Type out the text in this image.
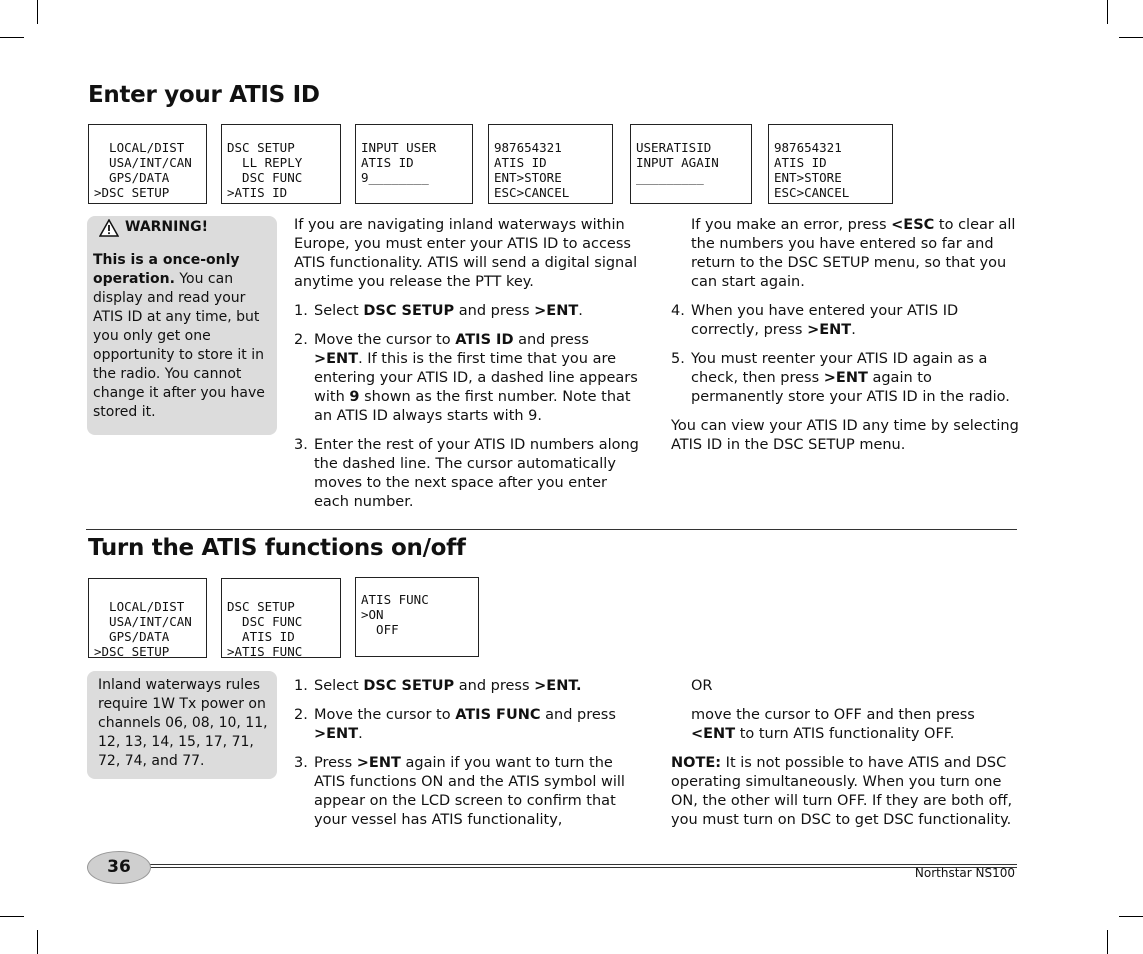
Enter your ATIS ID
LOCAL/DIST
USA/INT/CAN
GPS/DATA
>DSC SETUP
DSC SETUP
LL REPLY
DSC FUNC
>ATIS ID
INPUT USER
ATIS ID
9________
987654321
ATIS ID
ENT>STORE
ESC>CANCEL
USERATISID
INPUT AGAIN
_________
987654321
ATIS ID
ENT>STORE
ESC>CANCEL
WARNING!
This is a once-only operation. You can display and read your ATIS ID at any time, but you only get one opportunity to store it in the radio. You cannot change it after you have stored it.

If you are navigating inland waterways within Europe, you must enter your ATIS ID to access ATIS functionality. ATIS will send a digital signal anytime you release the PTT key.

1. Select DSC SETUP and press >ENT.
2. Move the cursor to ATIS ID and press >ENT. If this is the first time that you are entering your ATIS ID, a dashed line appears with 9 shown as the first number. Note that an ATIS ID always starts with 9.
3. Enter the rest of your ATIS ID numbers along the dashed line. The cursor automatically moves to the next space after you enter each number.
If you make an error, press <ESC to clear all the numbers you have entered so far and return to the DSC SETUP menu, so that you can start again.
4. When you have entered your ATIS ID correctly, press >ENT.
5. You must reenter your ATIS ID again as a check, then press >ENT again to permanently store your ATIS ID in the radio.

You can view your ATIS ID any time by selecting ATIS ID in the DSC SETUP menu.

Turn the ATIS functions on/off
LOCAL/DIST
USA/INT/CAN
GPS/DATA
>DSC SETUP
DSC SETUP
DSC FUNC
ATIS ID
>ATIS FUNC
ATIS FUNC
>ON
OFF
Inland waterways rules require 1W Tx power on channels 06, 08, 10, 11, 12, 13, 14, 15, 17, 71, 72, 74, and 77.
1. Select DSC SETUP and press >ENT.
2. Move the cursor to ATIS FUNC and press >ENT.
3. Press >ENT again if you want to turn the ATIS functions ON and the ATIS symbol will appear on the LCD screen to confirm that your vessel has ATIS functionality,
OR
move the cursor to OFF and then press <ENT to turn ATIS functionality OFF.

NOTE: It is not possible to have ATIS and DSC operating simultaneously. When you turn one ON, the other will turn OFF. If they are both off, you must turn on DSC to get DSC functionality.

36	Northstar NS100
